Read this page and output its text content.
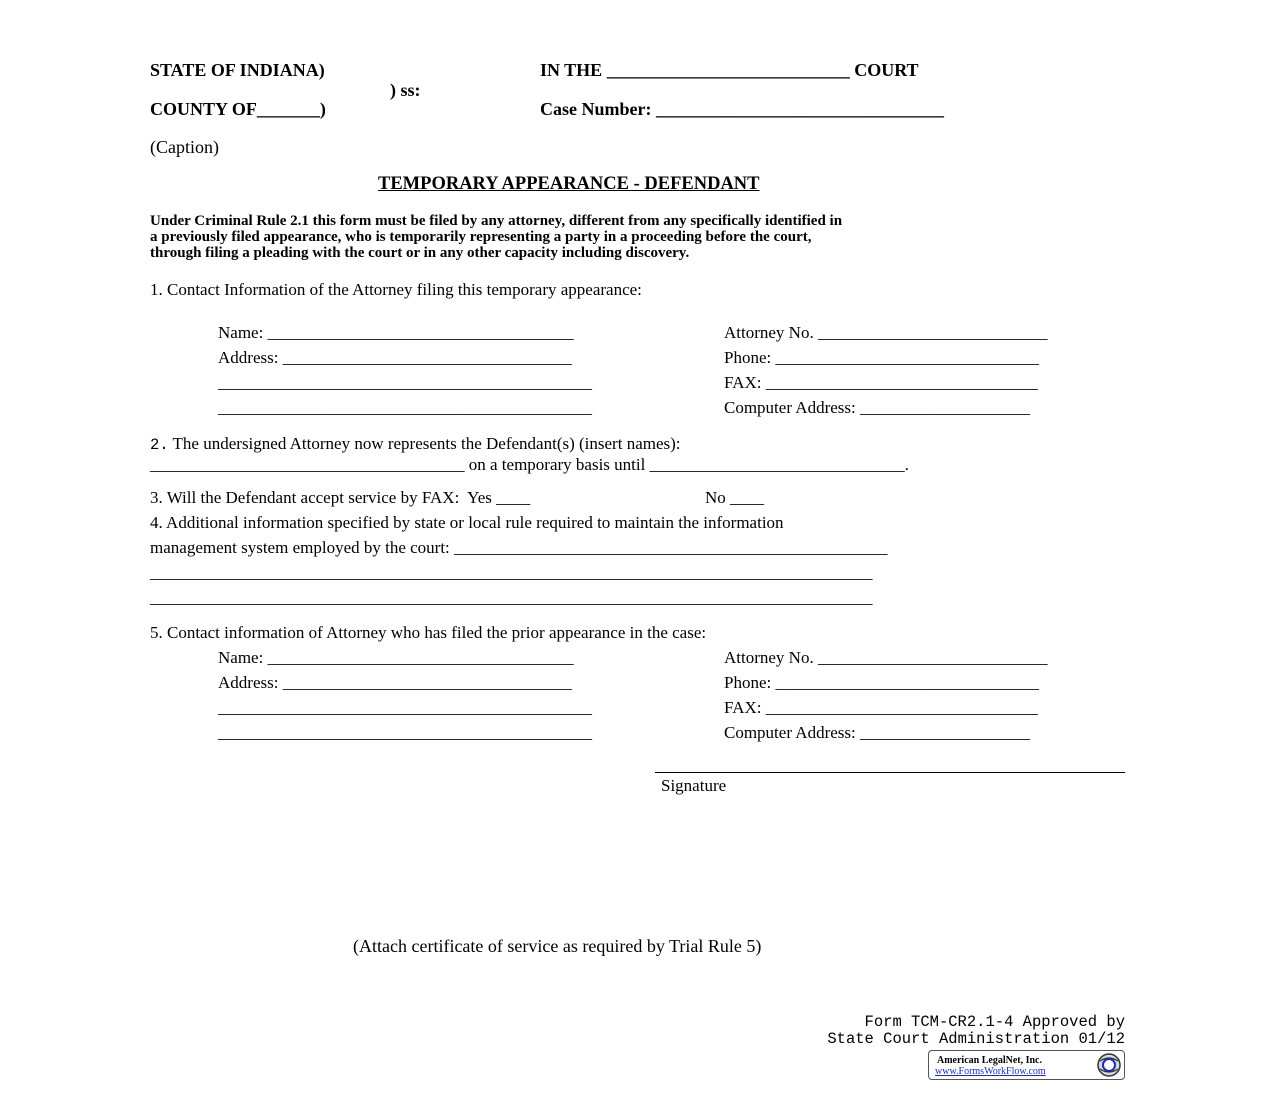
STATE OF INDIANA)
) ss:
COUNTY OF_______)
IN THE ___________________________ COURT
Case Number: ________________________________
(Caption)
TEMPORARY APPEARANCE - DEFENDANT
Under Criminal Rule 2.1 this form must be filed by any attorney, different from any specifically identified in
a previously filed appearance, who is temporarily representing a party in a proceeding before the court,
through filing a pleading with the court or in any other capacity including discovery.
1. Contact Information of the Attorney filing this temporary appearance:
Name: ____________________________________
Address: __________________________________
____________________________________________
____________________________________________
Attorney No. ___________________________
Phone: _______________________________
FAX: ________________________________
Computer Address: ____________________
2. The undersigned Attorney now represents the Defendant(s) (insert names):
_____________________________________ on a temporary basis until ______________________________.
3. Will the Defendant accept service by FAX:  Yes ____	No ____
4. Additional information specified by state or local rule required to maintain the information
management system employed by the court: ___________________________________________________
_____________________________________________________________________________________
_____________________________________________________________________________________
5. Contact information of Attorney who has filed the prior appearance in the case:
Name: ____________________________________
Address: __________________________________
____________________________________________
____________________________________________
Attorney No. ___________________________
Phone: _______________________________
FAX: ________________________________
Computer Address: ____________________
Signature
(Attach certificate of service as required by Trial Rule 5)
Form TCM-CR2.1-4 Approved by
State Court Administration 01/12
American LegalNet, Inc.
www.FormsWorkFlow.com
